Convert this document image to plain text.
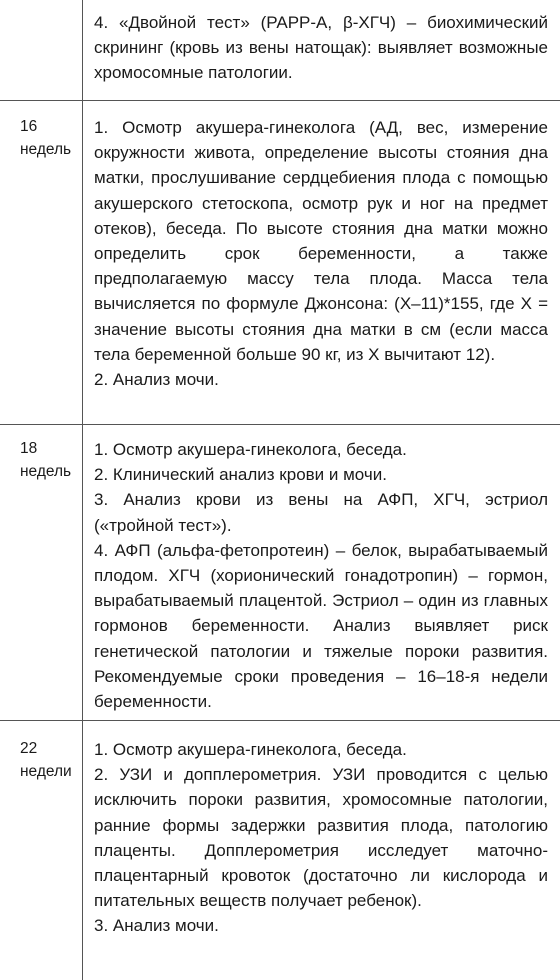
4. «Двойной тест» (PAPP-A, β-ХГЧ) – биохимический скрининг (кровь из вены натощак): выявляет возможные хромосомные патологии.

16 недель

1. Осмотр акушера-гинеколога (АД, вес, измерение окружности живота, определение высоты стояния дна матки, прослушивание сердцебиения плода с помощью акушерского стетоскопа, осмотр рук и ног на предмет отеков), беседа. По высоте стояния дна матки можно определить срок беременности, а также предполагаемую массу тела плода. Масса тела вычисляется по формуле Джонсона: (Х–11)*155, где Х = значение высоты стояния дна матки в см (если масса тела беременной больше 90 кг, из Х вычитают 12).

2. Анализ мочи.

18 недель

1. Осмотр акушера-гинеколога, беседа.

2. Клинический анализ крови и мочи.

3. Анализ крови из вены на АФП, ХГЧ, эстриол («тройной тест»).

4. АФП (альфа-фетопротеин) – белок, вырабатываемый плодом. ХГЧ (хорионический гонадотропин) – гормон, вырабатываемый плацентой. Эстриол – один из главных гормонов беременности. Анализ выявляет риск генетической патологии и тяжелые пороки развития. Рекомендуемые сроки проведения – 16–18-я недели беременности.

22 недели

1. Осмотр акушера-гинеколога, беседа.

2. УЗИ и допплерометрия. УЗИ проводится с целью исключить пороки развития, хромосомные патологии, ранние формы задержки развития плода, патологию плаценты. Допплерометрия исследует маточно-плацентарный кровоток (достаточно ли кислорода и питательных веществ получает ребенок).

3. Анализ мочи.
